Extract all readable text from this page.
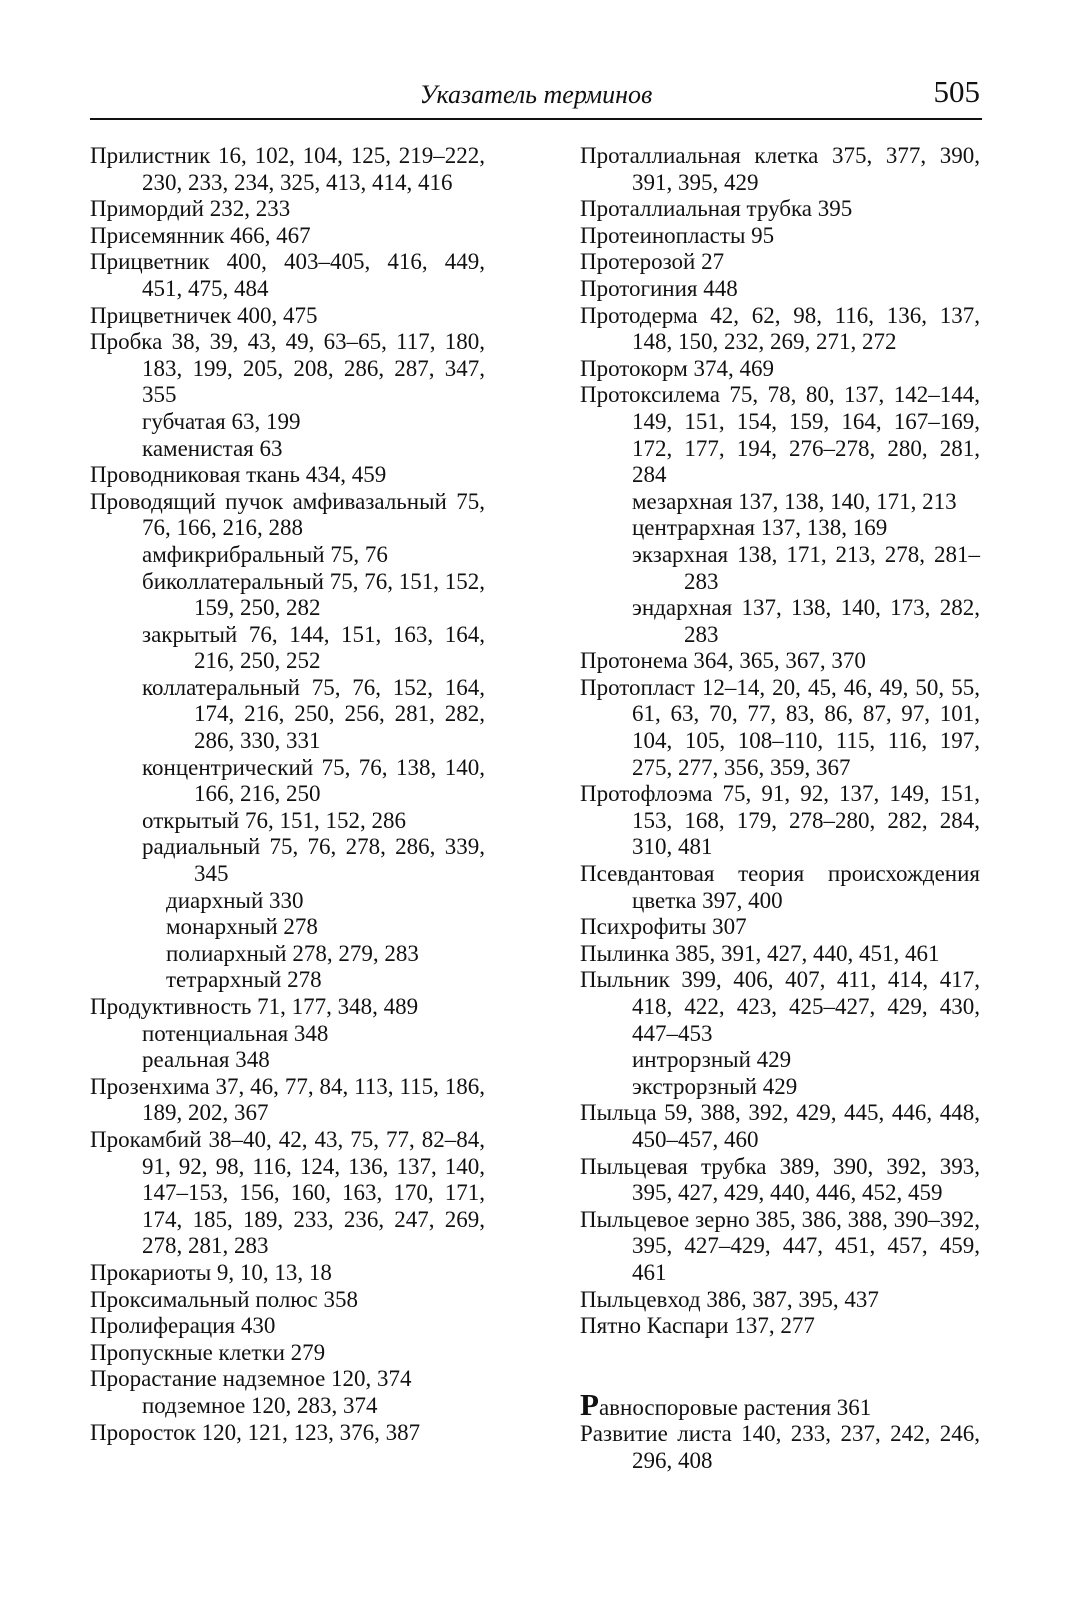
Указатель терминов	505
Прилистник 16, 102, 104, 125, 219–222, 230, 233, 234, 325, 413, 414, 416
Примордий 232, 233
Присемянник 466, 467
Прицветник 400, 403–405, 416, 449, 451, 475, 484
Прицветничек 400, 475
Пробка 38, 39, 43, 49, 63–65, 117, 180, 183, 199, 205, 208, 286, 287, 347, 355
губчатая 63, 199
каменистая 63
Проводниковая ткань 434, 459
Проводящий пучок амфивазальный 75, 76, 166, 216, 288
амфикрибральный 75, 76
биколлатеральный 75, 76, 151, 152, 159, 250, 282
закрытый 76, 144, 151, 163, 164, 216, 250, 252
коллатеральный 75, 76, 152, 164, 174, 216, 250, 256, 281, 282, 286, 330, 331
концентрический 75, 76, 138, 140, 166, 216, 250
открытый 76, 151, 152, 286
радиальный 75, 76, 278, 286, 339, 345
диархный 330
монархный 278
полиархный 278, 279, 283
тетрархный 278
Продуктивность 71, 177, 348, 489
потенциальная 348
реальная 348
Прозенхима 37, 46, 77, 84, 113, 115, 186, 189, 202, 367
Прокамбий 38–40, 42, 43, 75, 77, 82–84, 91, 92, 98, 116, 124, 136, 137, 140, 147–153, 156, 160, 163, 170, 171, 174, 185, 189, 233, 236, 247, 269, 278, 281, 283
Прокариоты 9, 10, 13, 18
Проксимальный полюс 358
Пролиферация 430
Пропускные клетки 279
Прорастание надземное 120, 374
подземное 120, 283, 374
Проросток 120, 121, 123, 376, 387
Проталлиальная клетка 375, 377, 390, 391, 395, 429
Проталлиальная трубка 395
Протеинопласты 95
Протерозой 27
Протогиния 448
Протодерма 42, 62, 98, 116, 136, 137, 148, 150, 232, 269, 271, 272
Протокорм 374, 469
Протоксилема 75, 78, 80, 137, 142–144, 149, 151, 154, 159, 164, 167–169, 172, 177, 194, 276–278, 280, 281, 284
мезархная 137, 138, 140, 171, 213
центрархная 137, 138, 169
экзархная 138, 171, 213, 278, 281–283
эндархная 137, 138, 140, 173, 282, 283
Протонема 364, 365, 367, 370
Протопласт 12–14, 20, 45, 46, 49, 50, 55, 61, 63, 70, 77, 83, 86, 87, 97, 101, 104, 105, 108–110, 115, 116, 197, 275, 277, 356, 359, 367
Протофлоэма 75, 91, 92, 137, 149, 151, 153, 168, 179, 278–280, 282, 284, 310, 481
Псевдантовая теория происхождения цветка 397, 400
Психрофиты 307
Пылинка 385, 391, 427, 440, 451, 461
Пыльник 399, 406, 407, 411, 414, 417, 418, 422, 423, 425–427, 429, 430, 447–453
интрорзный 429
экстрорзный 429
Пыльца 59, 388, 392, 429, 445, 446, 448, 450–457, 460
Пыльцевая трубка 389, 390, 392, 393, 395, 427, 429, 440, 446, 452, 459
Пыльцевое зерно 385, 386, 388, 390–392, 395, 427–429, 447, 451, 457, 459, 461
Пыльцевход 386, 387, 395, 437
Пятно Каспари 137, 277
Равноспоровые растения 361
Развитие листа 140, 233, 237, 242, 246, 296, 408
